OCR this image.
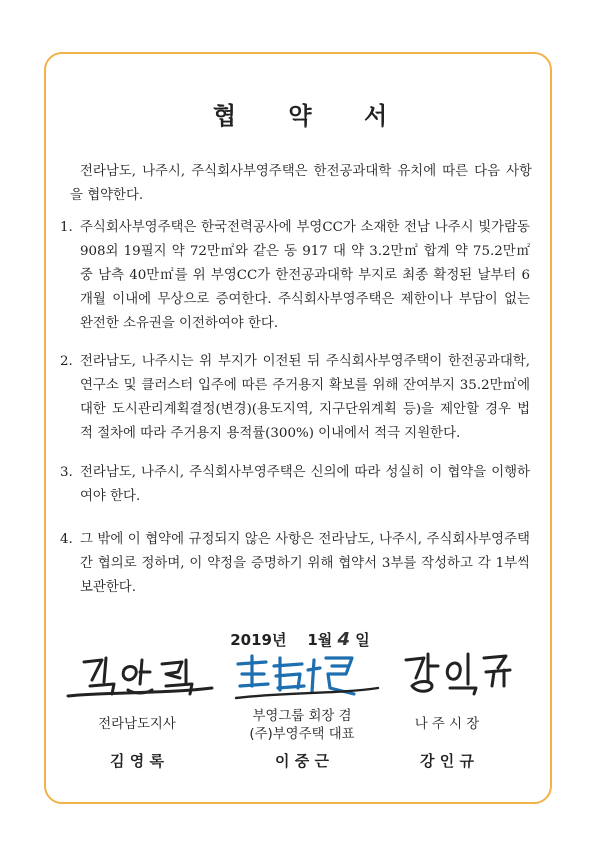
협 약 서
전라남도, 나주시, 주식회사부영주택은 한전공과대학 유치에 따른 다음 사항을 협약한다.
1. 주식회사부영주택은 한국전력공사에 부영CC가 소재한 전남 나주시 빛가람동 908외 19필지 약 72만㎡와 같은 동 917 대 약 3.2만㎡ 합계 약 75.2만㎡ 중 남측 40만㎡를 위 부영CC가 한전공과대학 부지로 최종 확정된 날부터 6개월 이내에 무상으로 증여한다. 주식회사부영주택은 제한이나 부담이 없는 완전한 소유권을 이전하여야 한다.
2. 전라남도, 나주시는 위 부지가 이전된 뒤 주식회사부영주택이 한전공과대학, 연구소 및 클러스터 입주에 따른 주거용지 확보를 위해 잔여부지 35.2만㎡에 대한 도시관리계획결정(변경)(용도지역, 지구단위계획 등)을 제안할 경우 법적 절차에 따라 주거용지 용적률(300%) 이내에서 적극 지원한다.
3. 전라남도, 나주시, 주식회사부영주택은 신의에 따라 성실히 이 협약을 이행하여야 한다.
4. 그 밖에 이 협약에 규정되지 않은 사항은 전라남도, 나주시, 주식회사부영주택 간 협의로 정하며, 이 약정을 증명하기 위해 협약서 3부를 작성하고 각 1부씩 보관한다.
2019년 1월 4 일
전라남도지사
부영그룹 회장 겸
(주)부영주택 대표
나 주 시 장
김 영 록	이 중 근	강 인 규
